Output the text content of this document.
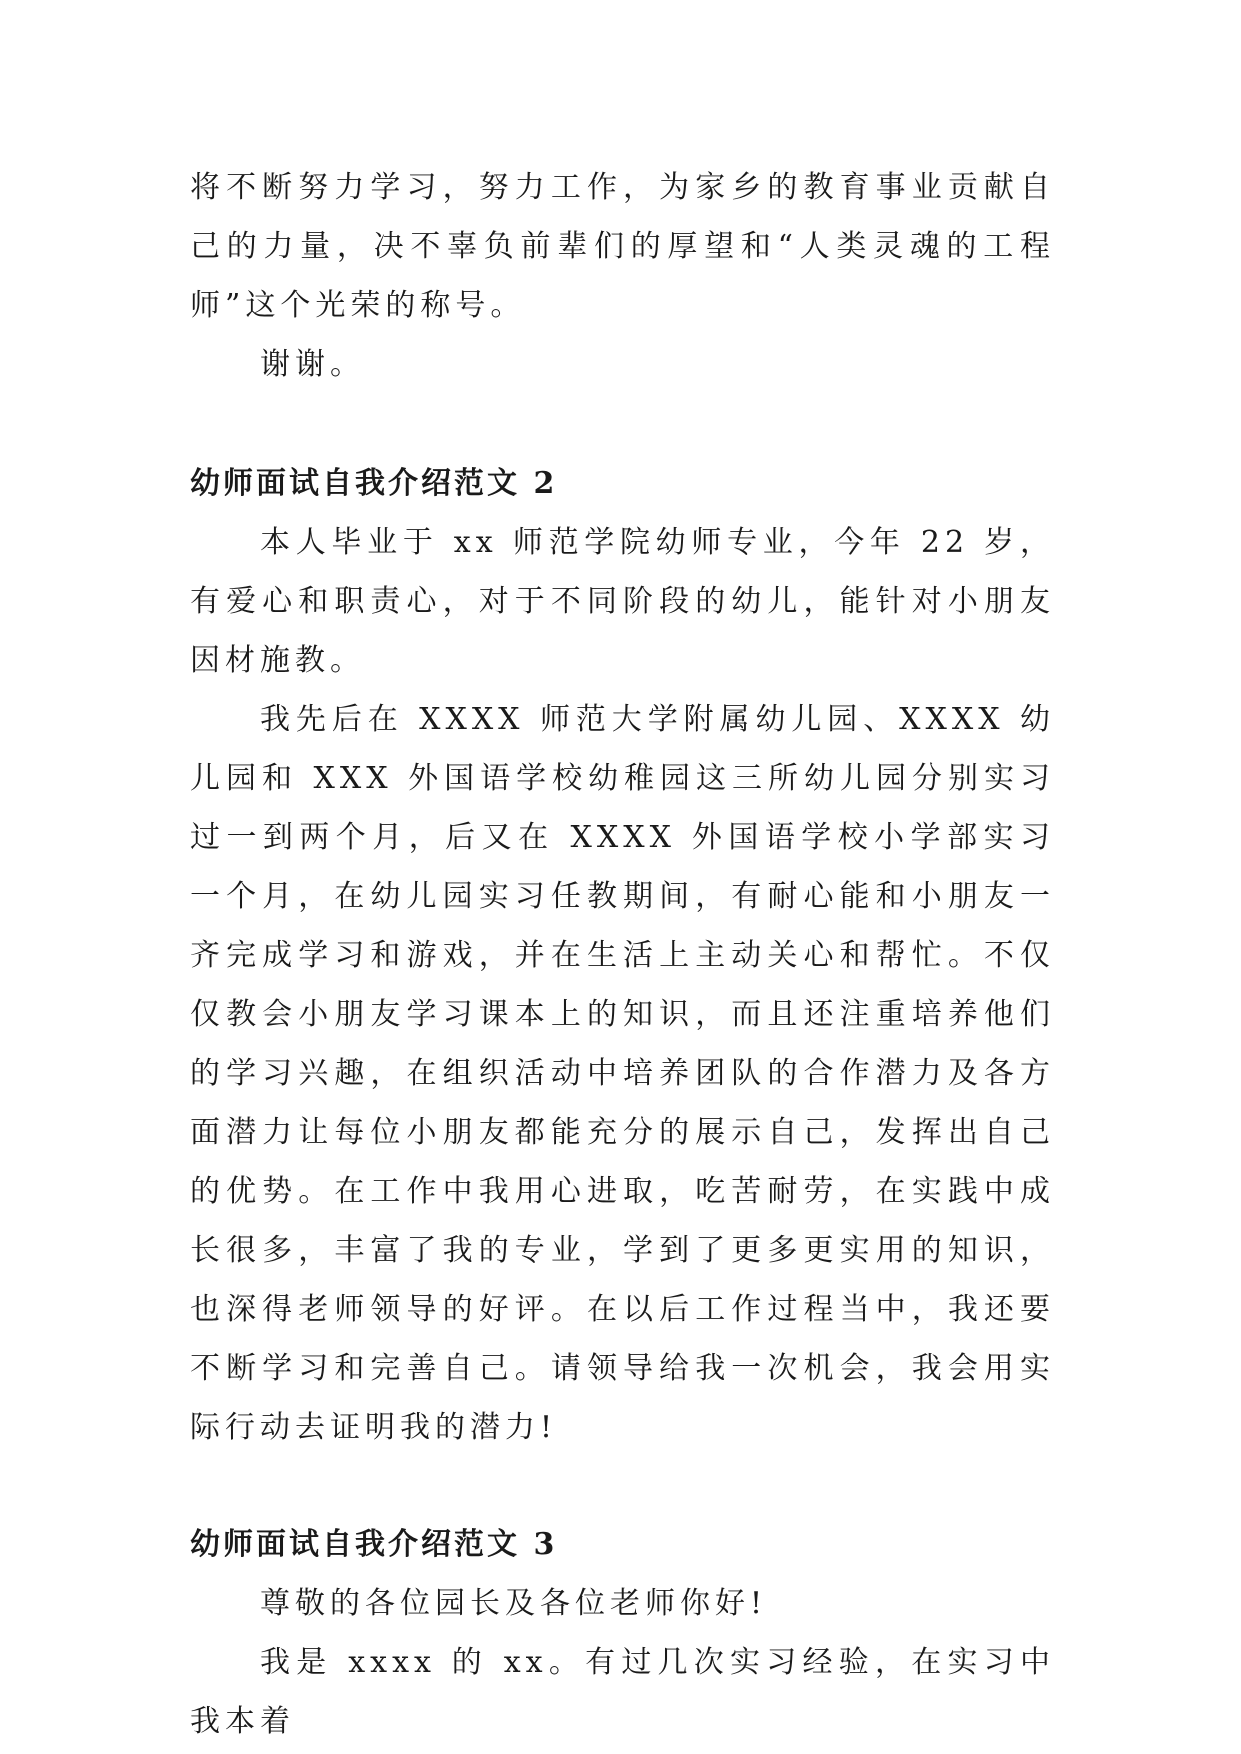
将不断努力学习，努力工作，为家乡的教育事业贡献自己的力量，决不辜负前辈们的厚望和“人类灵魂的工程师”这个光荣的称号。

谢谢。

幼师面试自我介绍范文 2

本人毕业于 xx 师范学院幼师专业，今年 22 岁，有爱心和职责心，对于不同阶段的幼儿，能针对小朋友因材施教。

我先后在 XXXX 师范大学附属幼儿园、XXXX 幼儿园和 XXX 外国语学校幼稚园这三所幼儿园分别实习过一到两个月，后又在 XXXX 外国语学校小学部实习一个月，在幼儿园实习任教期间，有耐心能和小朋友一齐完成学习和游戏，并在生活上主动关心和帮忙。不仅仅教会小朋友学习课本上的知识，而且还注重培养他们的学习兴趣，在组织活动中培养团队的合作潜力及各方面潜力让每位小朋友都能充分的展示自己，发挥出自己的优势。在工作中我用心进取，吃苦耐劳，在实践中成长很多，丰富了我的专业，学到了更多更实用的知识，也深得老师领导的好评。在以后工作过程当中，我还要不断学习和完善自己。请领导给我一次机会，我会用实际行动去证明我的潜力!

幼师面试自我介绍范文 3

尊敬的各位园长及各位老师你好!

我是 xxxx 的 xx。有过几次实习经验，在实习中我本着
